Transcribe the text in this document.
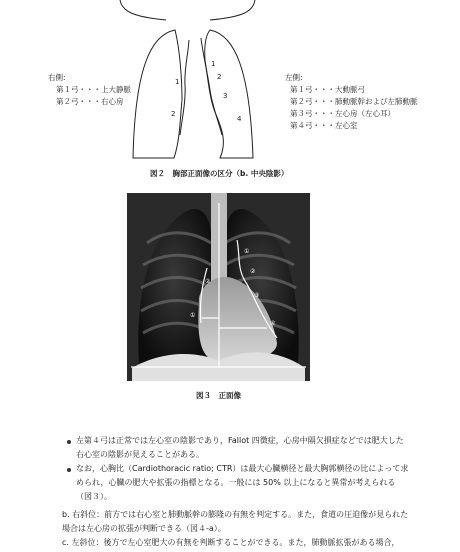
1
2
1
2
3
4
右側:
第１弓・・・上大静脈
第２弓・・・右心房
左側:
第１弓・・・大動脈弓
第２弓・・・肺動脈幹および左肺動脈
第３弓・・・左心房（左心耳）
第４弓・・・左心室
図２　胸部正面像の区分（b. 中央陰影）
①
②
③
④
①
②
図３　正面像
左第４弓は正常では左心室の陰影であり，Fallot 四徴症，心房中隔欠損症などでは肥大した右心室の陰影が見えることがある。
なお，心胸比（Cardiothoracic ratio; CTR）は最大心臓横径と最大胸郭横径の比によって求められ，心臓の肥大や拡張の指標となる。一般には 50% 以上になると異常が考えられる（図３）。
b. 右斜位：前方では右心室と肺動脈幹の膨隆の有無を判定する。また，食道の圧迫像が見られた場合は左心房の拡張が判断できる（図４-a）。
c. 左斜位：後方で左心室肥大の有無を判断することができる。また，肺動脈拡張がある場合，
